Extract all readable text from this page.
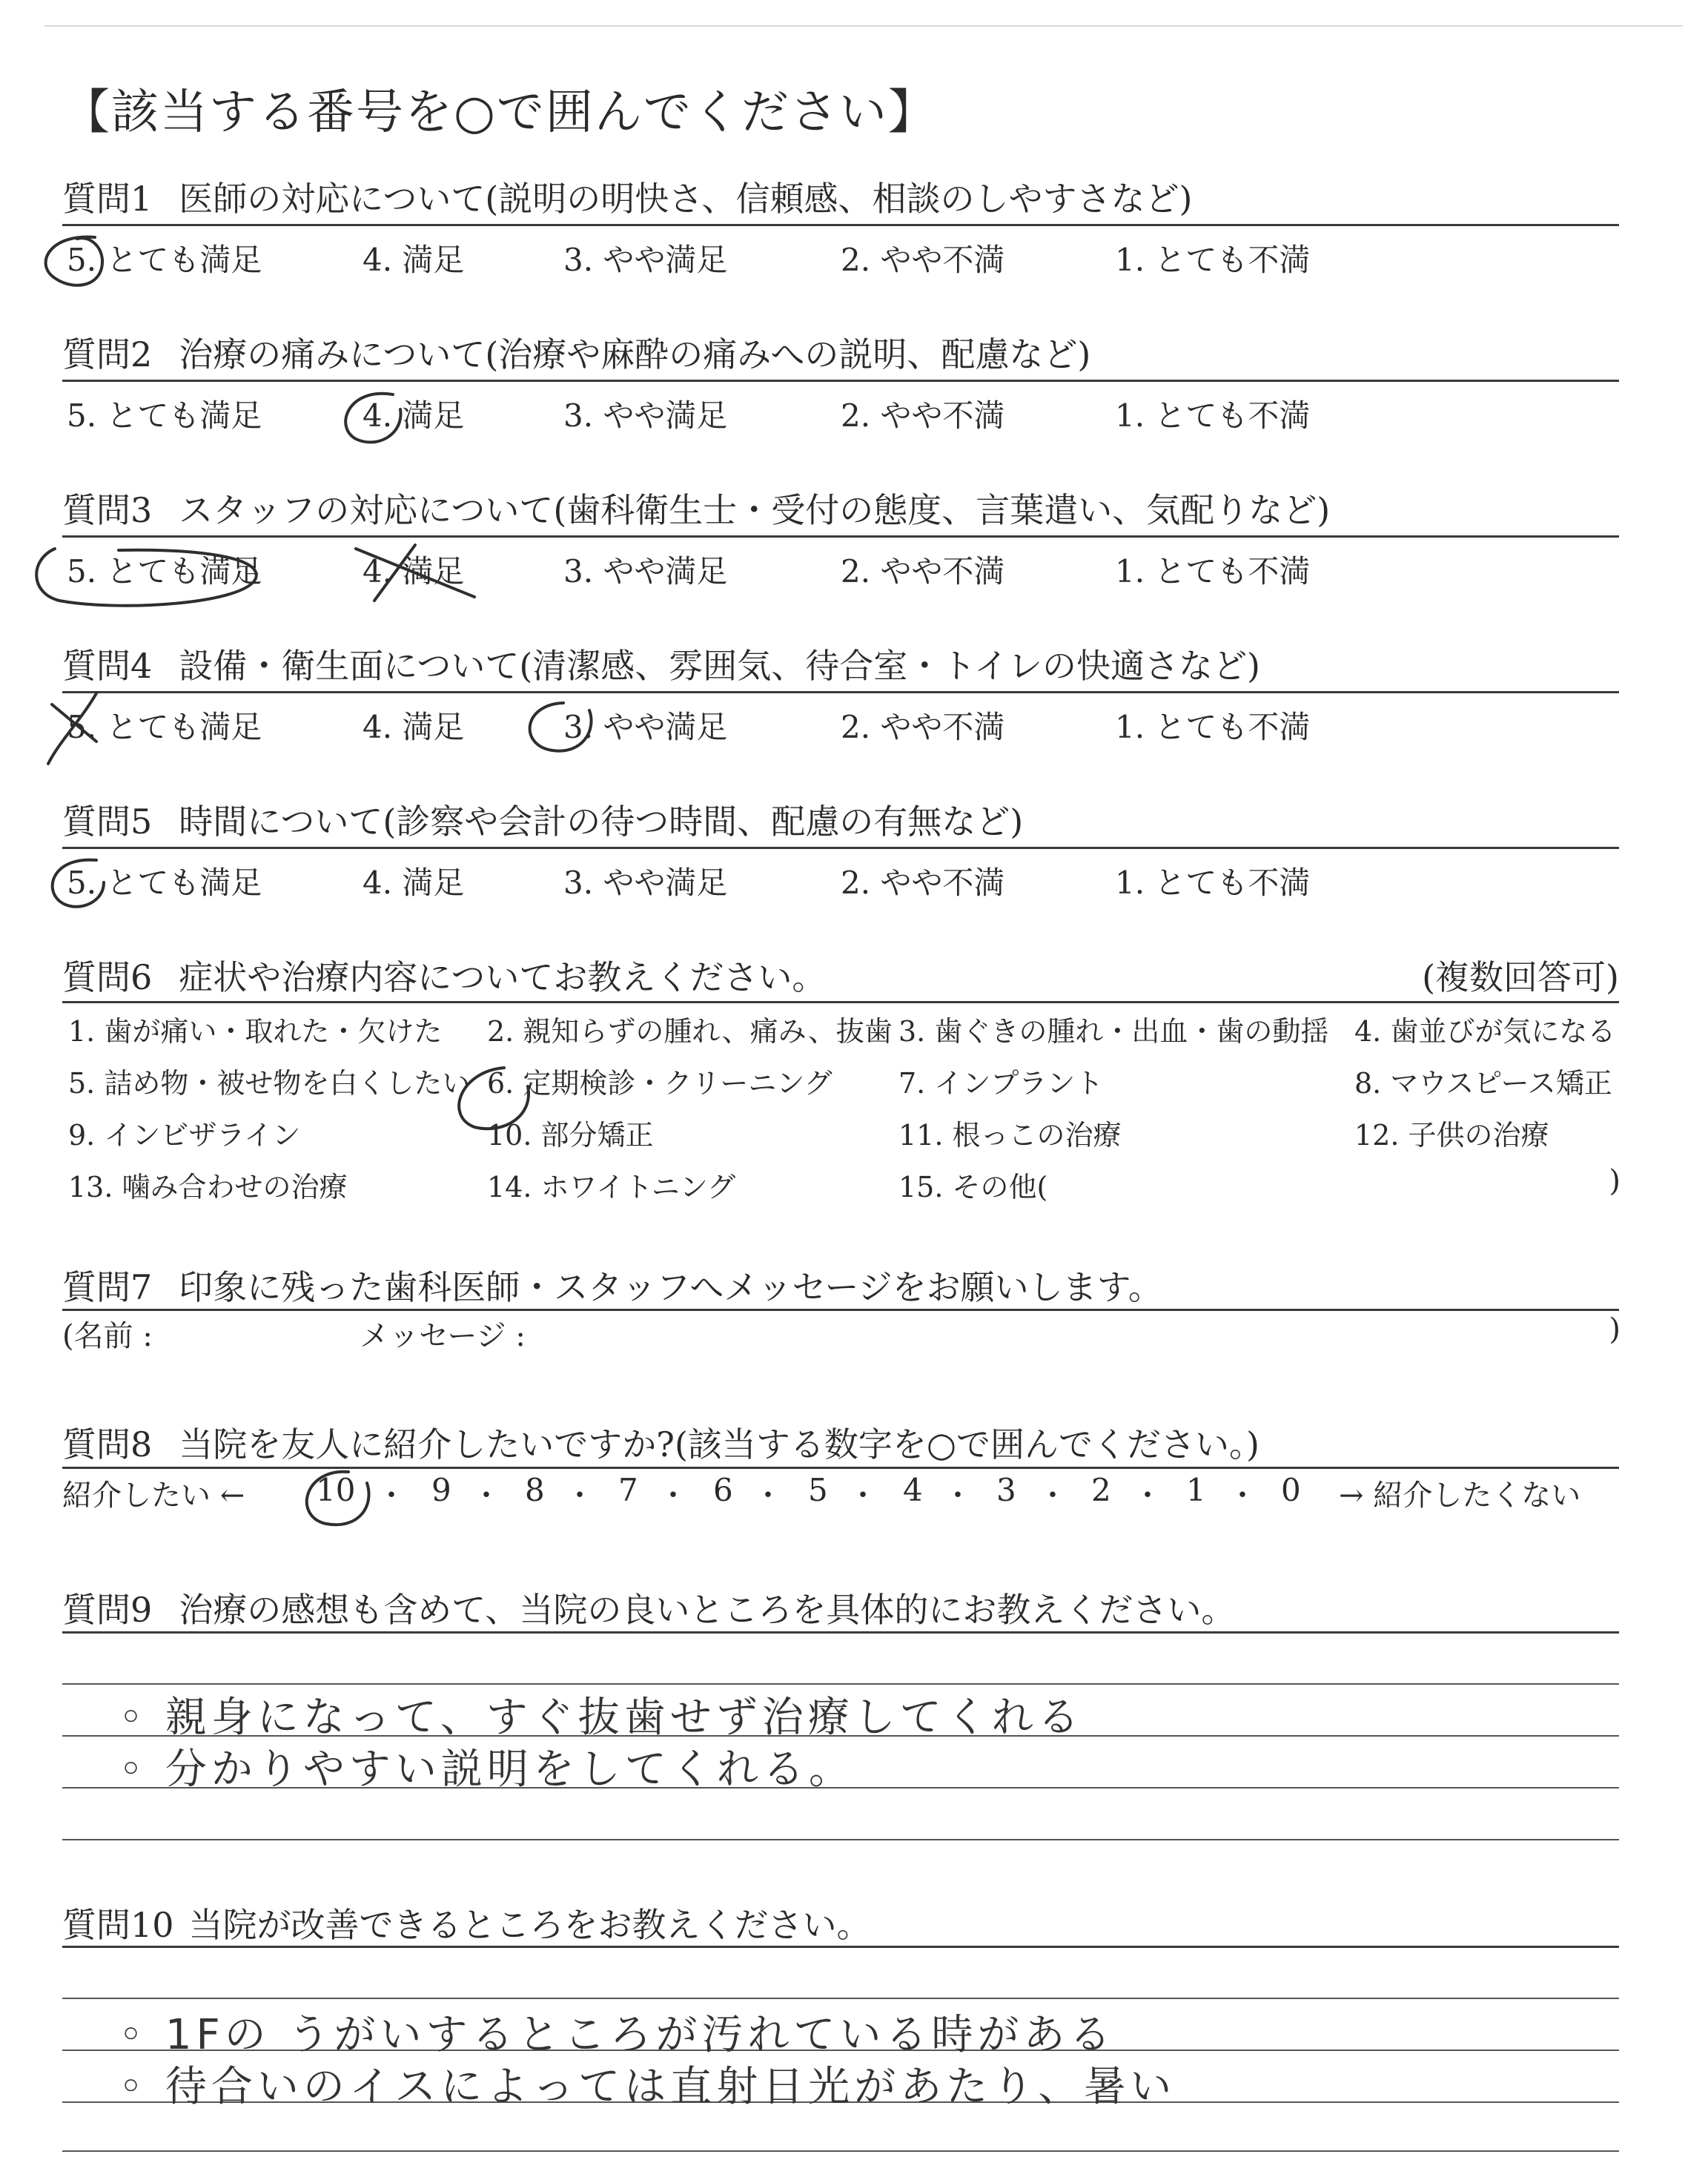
【該当する番号を○で囲んでください】
質問1 医師の対応について(説明の明快さ、信頼感、相談のしやすさなど)
5. とても満足	4. 満足	3. やや満足	2. やや不満	1. とても不満
質問2 治療の痛みについて(治療や麻酔の痛みへの説明、配慮など)
5. とても満足	4. 満足	3. やや満足	2. やや不満	1. とても不満
質問3 スタッフの対応について(歯科衛生士・受付の態度、言葉遣い、気配りなど)
5. とても満足	4. 満足	3. やや満足	2. やや不満	1. とても不満
質問4 設備・衛生面について(清潔感、雰囲気、待合室・トイレの快適さなど)
5. とても満足	4. 満足	3. やや満足	2. やや不満	1. とても不満
質問5 時間について(診察や会計の待つ時間、配慮の有無など)
5. とても満足	4. 満足	3. やや満足	2. やや不満	1. とても不満
質問6 症状や治療内容についてお教えください。	(複数回答可)
1. 歯が痛い・取れた・欠けた 2. 親知らずの腫れ、痛み、抜歯 3. 歯ぐきの腫れ・出血・歯の動揺 4. 歯並びが気になる
5. 詰め物・被せ物を白くしたい 6. 定期検診・クリーニング 7. インプラント	8. マウスピース矯正
9. インビザライン	10. 部分矯正	11. 根っこの治療	12. 子供の治療
13. 噛み合わせの治療	14. ホワイトニング	15. その他(	)
質問7 印象に残った歯科医師・スタッフへメッセージをお願いします。
(名前 :	メッセージ :	)
質問8 当院を友人に紹介したいですか?(該当する数字を○で囲んでください。)
紹介したい ← 10 ・ 9 ・ 8 ・ 7 ・ 6 ・ 5 ・ 4 ・ 3 ・ 2 ・ 1 ・ 0 → 紹介したくない
質問9 治療の感想も含めて、当院の良いところを具体的にお教えください。
◦ 親身になって、すぐ抜歯せず治療してくれる
◦ 分かりやすい説明をしてくれる。
質問10 当院が改善できるところをお教えください。
◦ 1Fの うがいするところが汚れている時がある
◦ 待合いのイスによっては直射日光があたり、暑い
